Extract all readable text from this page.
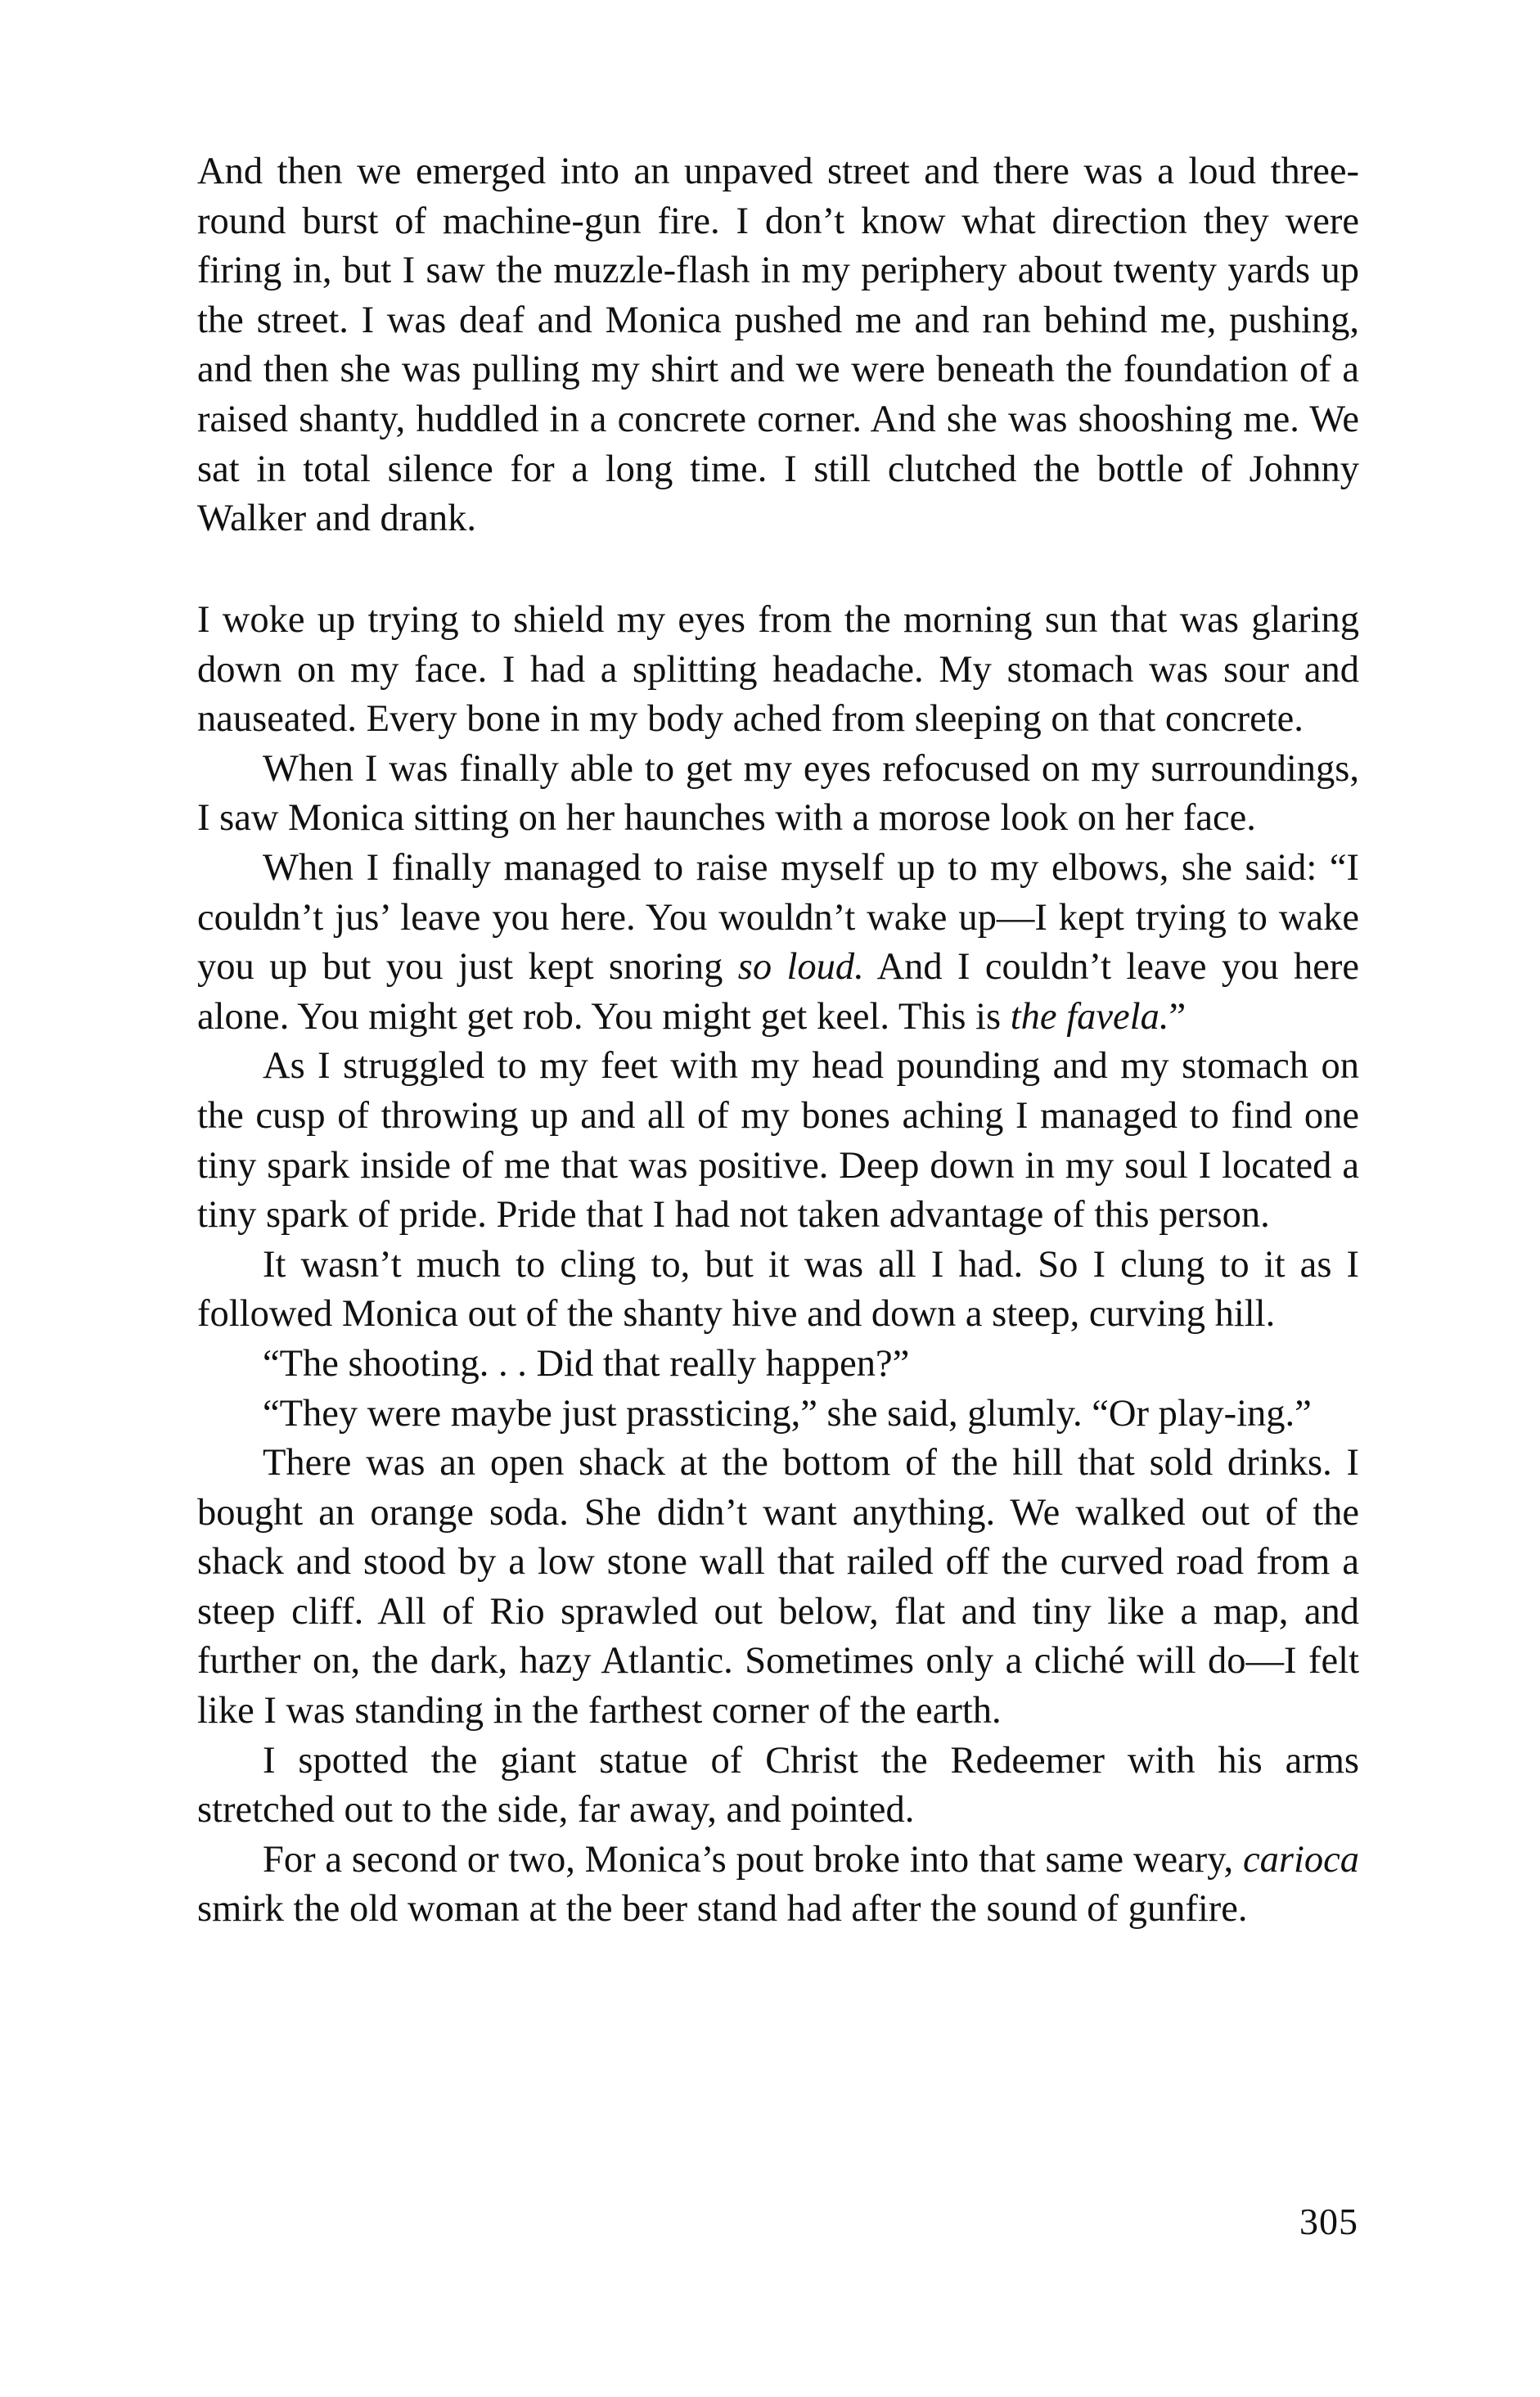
And then we emerged into an unpaved street and there was a loud three-round burst of machine-gun fire. I don’t know what direction they were firing in, but I saw the muzzle-flash in my periphery about twenty yards up the street. I was deaf and Monica pushed me and ran behind me, pushing, and then she was pulling my shirt and we were beneath the foundation of a raised shanty, huddled in a concrete corner. And she was shooshing me. We sat in total silence for a long time. I still clutched the bottle of Johnny Walker and drank.

I woke up trying to shield my eyes from the morning sun that was glaring down on my face. I had a splitting headache. My stomach was sour and nauseated. Every bone in my body ached from sleeping on that concrete.

When I was finally able to get my eyes refocused on my surroundings, I saw Monica sitting on her haunches with a morose look on her face.

When I finally managed to raise myself up to my elbows, she said: “I couldn’t jus’ leave you here. You wouldn’t wake up—I kept trying to wake you up but you just kept snoring so loud. And I couldn’t leave you here alone. You might get rob. You might get keel. This is the favela.”

As I struggled to my feet with my head pounding and my stomach on the cusp of throwing up and all of my bones aching I managed to find one tiny spark inside of me that was positive. Deep down in my soul I located a tiny spark of pride. Pride that I had not taken advantage of this person.

It wasn’t much to cling to, but it was all I had. So I clung to it as I followed Monica out of the shanty hive and down a steep, curving hill.

“The shooting. . . Did that really happen?”

“They were maybe just prassticing,” she said, glumly. “Or play-ing.”

There was an open shack at the bottom of the hill that sold drinks. I bought an orange soda. She didn’t want anything. We walked out of the shack and stood by a low stone wall that railed off the curved road from a steep cliff. All of Rio sprawled out below, flat and tiny like a map, and further on, the dark, hazy Atlantic. Sometimes only a cliché will do—I felt like I was standing in the farthest corner of the earth.

I spotted the giant statue of Christ the Redeemer with his arms stretched out to the side, far away, and pointed.

For a second or two, Monica’s pout broke into that same weary, carioca smirk the old woman at the beer stand had after the sound of gunfire.

305
